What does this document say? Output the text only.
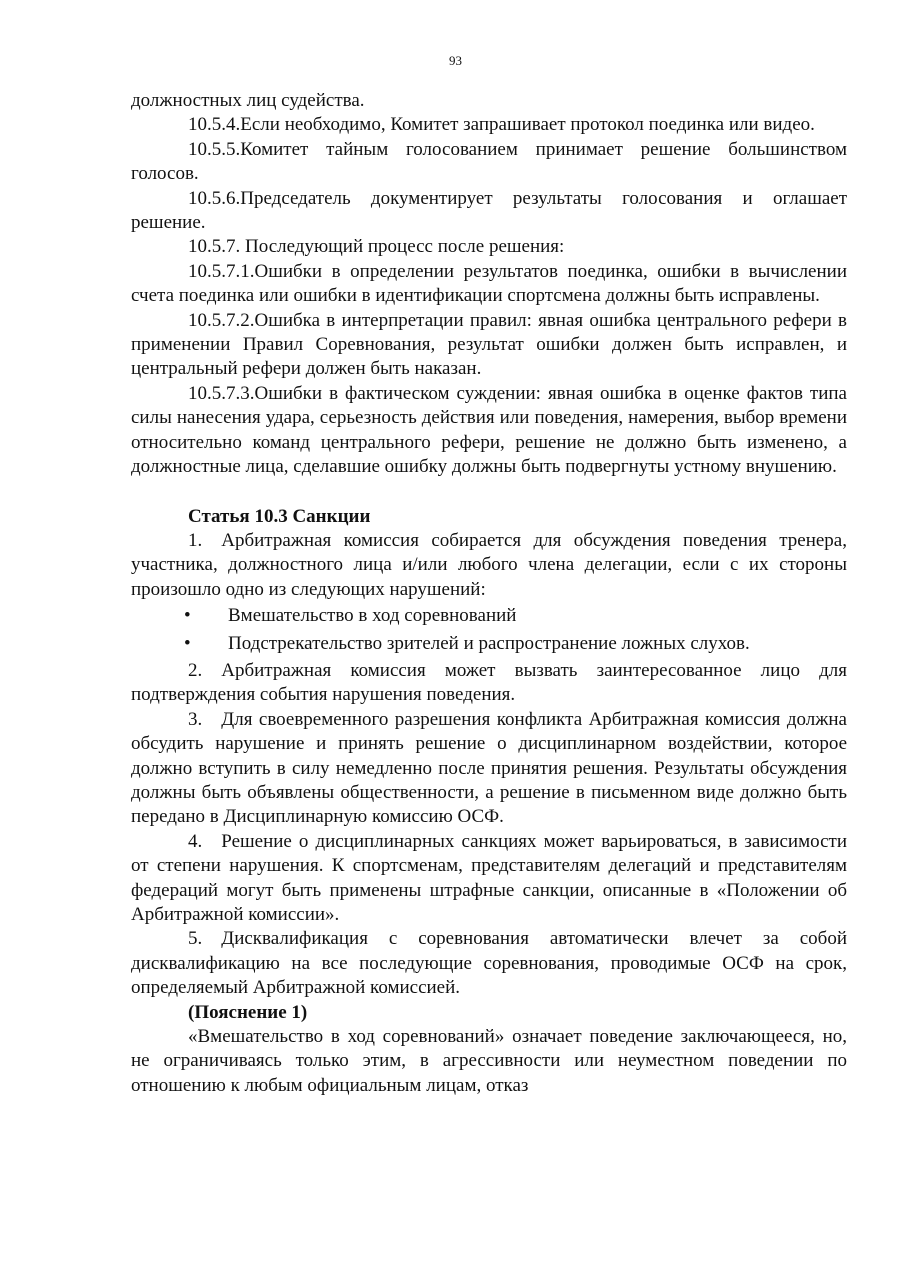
93

должностных лиц судейства.

10.5.4.Если необходимо, Комитет запрашивает протокол поединка или видео.

10.5.5.Комитет тайным голосованием принимает решение большинством голосов.

10.5.6.Председатель документирует результаты голосования и оглашает решение.

10.5.7. Последующий процесс после решения:

10.5.7.1.Ошибки в определении результатов поединка, ошибки в вычислении счета поединка или ошибки в идентификации спортсмена должны быть исправлены.

10.5.7.2.Ошибка в интерпретации правил: явная ошибка центрального рефери в применении Правил Соревнования, результат ошибки должен быть исправлен, и центральный рефери должен быть наказан.

10.5.7.3.Ошибки в фактическом суждении: явная ошибка в оценке фактов типа силы нанесения удара, серьезность действия или поведения, намерения, выбор времени относительно команд центрального рефери, решение не должно быть изменено, а должностные лица, сделавшие ошибку должны быть подвергнуты устному внушению.

Статья 10.3 Санкции

1. Арбитражная комиссия собирается для обсуждения поведения тренера, участника, должностного лица и/или любого члена делегации, если с их стороны произошло одно из следующих нарушений:

• Вмешательство в ход соревнований
• Подстрекательство зрителей и распространение ложных слухов.

2. Арбитражная комиссия может вызвать заинтересованное лицо для подтверждения события нарушения поведения.

3. Для своевременного разрешения конфликта Арбитражная комиссия должна обсудить нарушение и принять решение о дисциплинарном воздействии, которое должно вступить в силу немедленно после принятия решения. Результаты обсуждения должны быть объявлены общественности, а решение в письменном виде должно быть передано в Дисциплинарную комиссию ОСФ.

4. Решение о дисциплинарных санкциях может варьироваться, в зависимости от степени нарушения. К спортсменам, представителям делегаций и представителям федераций могут быть применены штрафные санкции, описанные в «Положении об Арбитражной комиссии».

5. Дисквалификация с соревнования автоматически влечет за собой дисквалификацию на все последующие соревнования, проводимые ОСФ на срок, определяемый Арбитражной комиссией.

(Пояснение 1)

«Вмешательство в ход соревнований» означает поведение заключающееся, но, не ограничиваясь только этим, в агрессивности или неуместном поведении по отношению к любым официальным лицам, отказ
